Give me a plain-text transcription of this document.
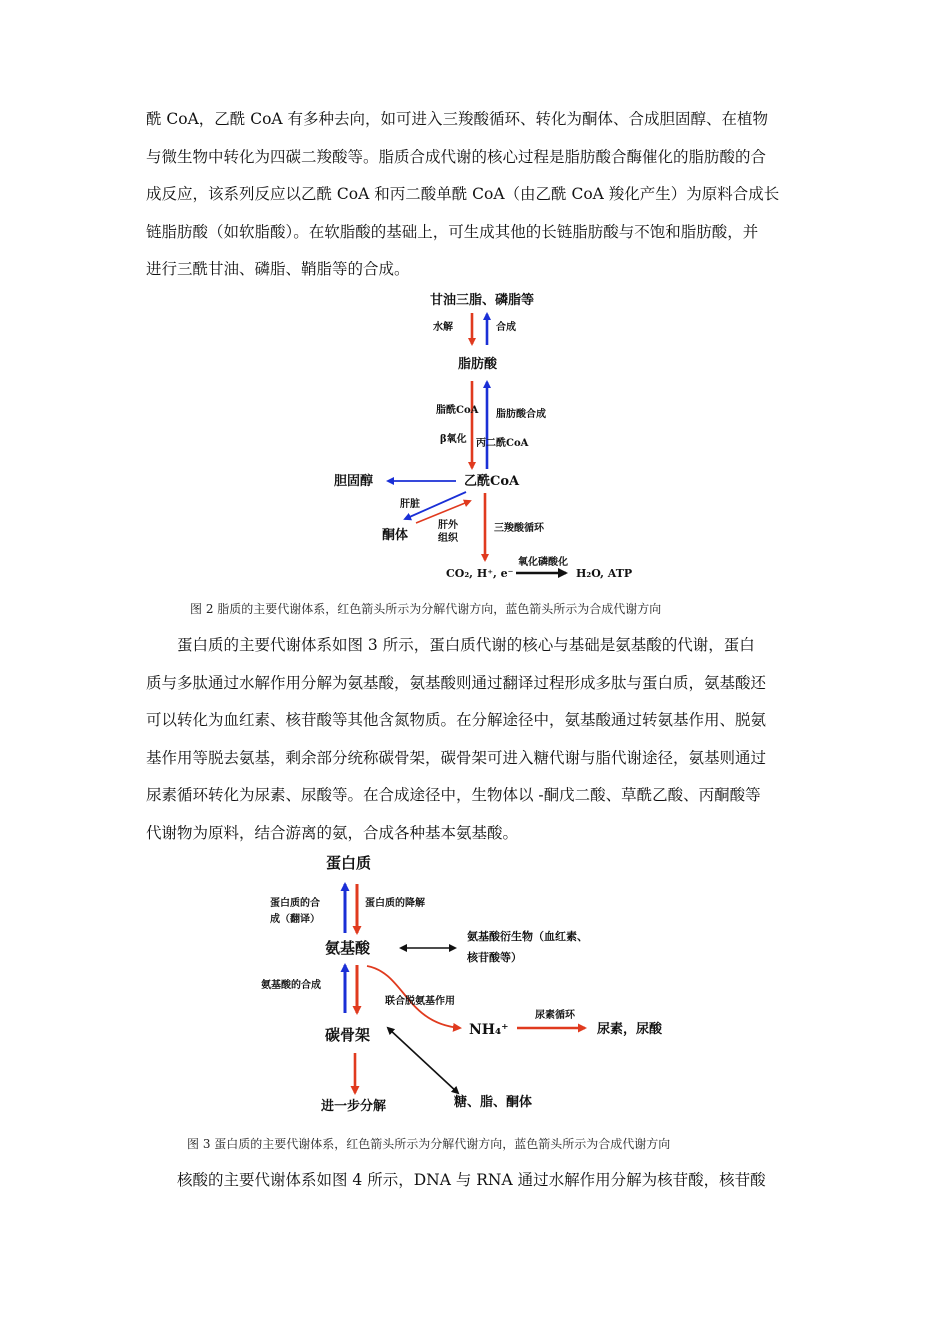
酰 CoA，乙酰 CoA 有多种去向，如可进入三羧酸循环、转化为酮体、合成胆固醇、在植物
与微生物中转化为四碳二羧酸等。脂质合成代谢的核心过程是脂肪酸合酶催化的脂肪酸的合
成反应，该系列反应以乙酰 CoA 和丙二酸单酰 CoA（由乙酰 CoA 羧化产生）为原料合成长
链脂肪酸（如软脂酸）。在软脂酸的基础上，可生成其他的长链脂肪酸与不饱和脂肪酸，并
进行三酰甘油、磷脂、鞘脂等的合成。
甘油三脂、磷脂等
水解	合成
脂肪酸
脂酰CoA 脂肪酸合成
β氧化 丙二酰CoA
胆固醇	乙酰CoA
肝脏
酮体
肝外
组织
三羧酸循环
CO₂, H⁺, e⁻
氧化磷酸化
H₂O, ATP
图 2 脂质的主要代谢体系，红色箭头所示为分解代谢方向，蓝色箭头所示为合成代谢方向
　　蛋白质的主要代谢体系如图 3 所示，蛋白质代谢的核心与基础是氨基酸的代谢，蛋白
质与多肽通过水解作用分解为氨基酸，氨基酸则通过翻译过程形成多肽与蛋白质，氨基酸还
可以转化为血红素、核苷酸等其他含氮物质。在分解途径中，氨基酸通过转氨基作用、脱氨
基作用等脱去氨基，剩余部分统称碳骨架，碳骨架可进入糖代谢与脂代谢途径，氨基则通过
尿素循环转化为尿素、尿酸等。在合成途径中，生物体以 -酮戊二酸、草酰乙酸、丙酮酸等
代谢物为原料，结合游离的氨，合成各种基本氨基酸。
蛋白质
蛋白质的合
成（翻译）
蛋白质的降解
氨基酸
氨基酸衍生物（血红素、
核苷酸等）
氨基酸的合成
联合脱氨基作用
NH₄⁺
尿素循环
尿素，尿酸
碳骨架
进一步分解	糖、脂、酮体
图 3 蛋白质的主要代谢体系，红色箭头所示为分解代谢方向，蓝色箭头所示为合成代谢方向
　　核酸的主要代谢体系如图 4 所示，DNA 与 RNA 通过水解作用分解为核苷酸，核苷酸
